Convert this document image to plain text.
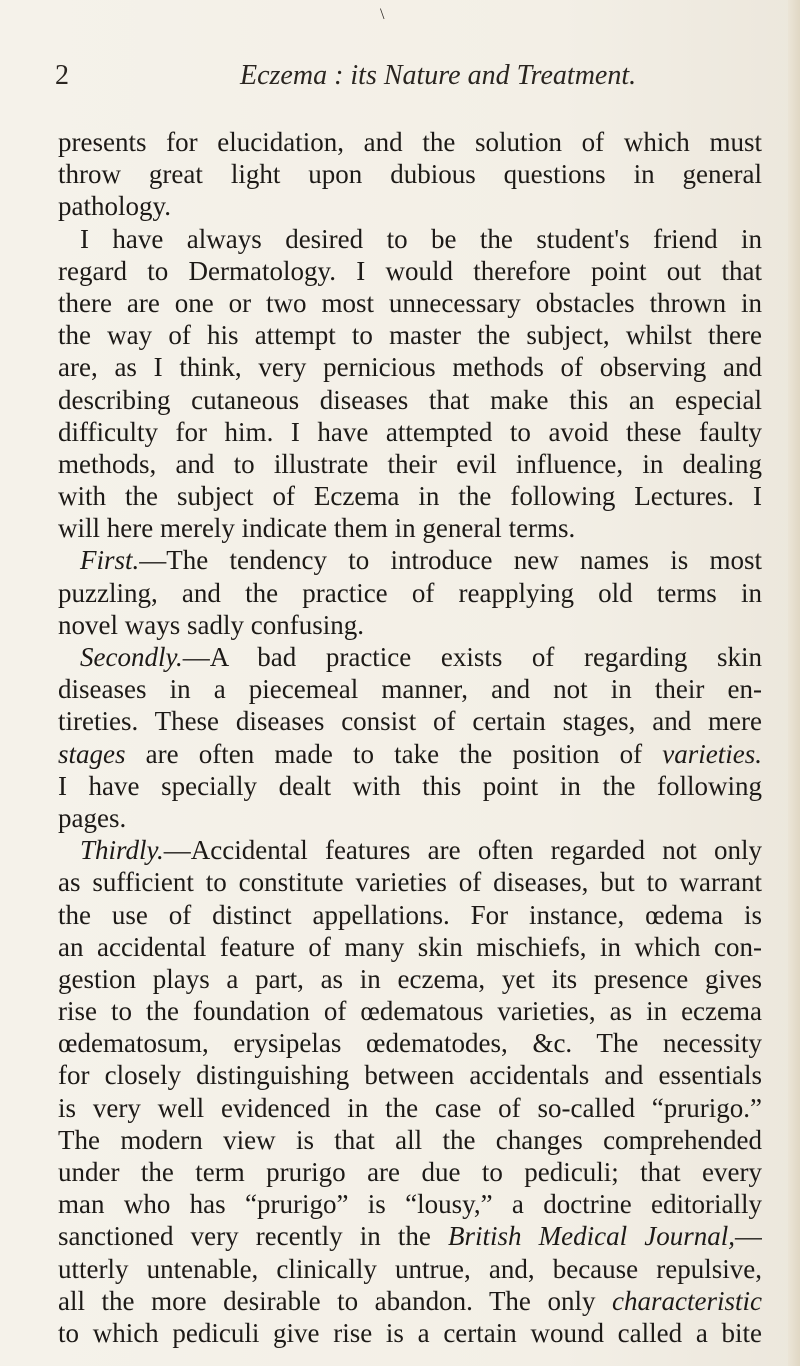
\
2	Eczema : its Nature and Treatment.
presents for elucidation, and the solution of which must
throw great light upon dubious questions in general
pathology.
I have always desired to be the student's friend in
regard to Dermatology. I would therefore point out that
there are one or two most unnecessary obstacles thrown in
the way of his attempt to master the subject, whilst there
are, as I think, very pernicious methods of observing and
describing cutaneous diseases that make this an especial
difficulty for him. I have attempted to avoid these faulty
methods, and to illustrate their evil influence, in dealing
with the subject of Eczema in the following Lectures. I
will here merely indicate them in general terms.
First.—The tendency to introduce new names is most
puzzling, and the practice of reapplying old terms in
novel ways sadly confusing.
Secondly.—A bad practice exists of regarding skin
diseases in a piecemeal manner, and not in their en-
tireties. These diseases consist of certain stages, and mere
stages are often made to take the position of varieties.
I have specially dealt with this point in the following
pages.
Thirdly.—Accidental features are often regarded not only
as sufficient to constitute varieties of diseases, but to warrant
the use of distinct appellations. For instance, œdema is
an accidental feature of many skin mischiefs, in which con-
gestion plays a part, as in eczema, yet its presence gives
rise to the foundation of œdematous varieties, as in eczema
œdematosum, erysipelas œdematodes, &c. The necessity
for closely distinguishing between accidentals and essentials
is very well evidenced in the case of so-called “prurigo.”
The modern view is that all the changes comprehended
under the term prurigo are due to pediculi; that every
man who has “prurigo” is “lousy,” a doctrine editorially
sanctioned very recently in the British Medical Journal,—
utterly untenable, clinically untrue, and, because repulsive,
all the more desirable to abandon. The only characteristic
to which pediculi give rise is a certain wound called a bite
